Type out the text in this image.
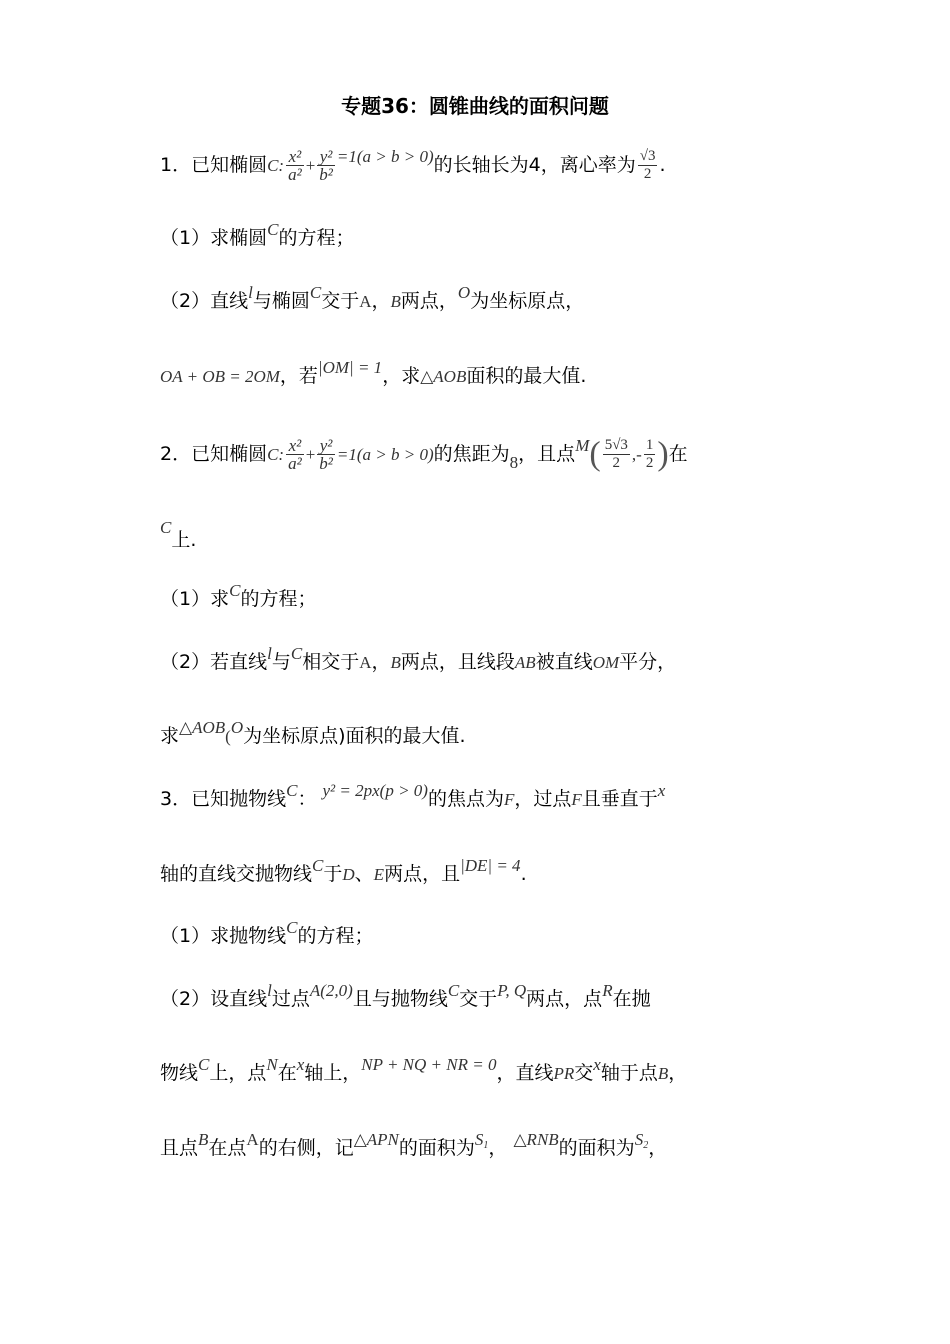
专题36：圆锥曲线的面积问题
1．已知椭圆C: $\frac{\text{x²}}{\text{a²}} + \frac{\text{y²}}{\text{b²}} =1(a > b > 0)$的长轴长为4，离心率为 $\frac{√3}{2}$ .
（1）求椭圆C的方程；
（2）直线l与椭圆C交于A，B两点，O为坐标原点，
OA + OB = 2OM，若|OM| = 1，求△AOB面积的最大值.
2．已知椭圆C: $\frac{\text{x²}}{\text{a²}} + \frac{\text{y²}}{\text{b²}} =1(a > b > 0)$的焦距为8，且点$M( \frac{5√3}{2}$ ,- $\frac{1}{2}$ )在
C上.
（1）求C的方程；
（2）若直线l与C相交于A，B两点，且线段AB被直线OM平分，
求△AOB(O为坐标原点)面积的最大值.
3．已知抛物线C： y² = 2px(p > 0)的焦点为F，过点F且垂直于x
轴的直线交抛物线C于D、E两点，且|DE| = 4.
（1）求抛物线C的方程；
（2）设直线l过点A(2,0)且与抛物线C交于P, Q两点，点R在抛
物线C上，点N在x轴上，NP + NQ + NR = 0，直线PR交x轴于点B，
且点B在点A的右侧，记△APN的面积为S1， △RNB的面积为S2，
